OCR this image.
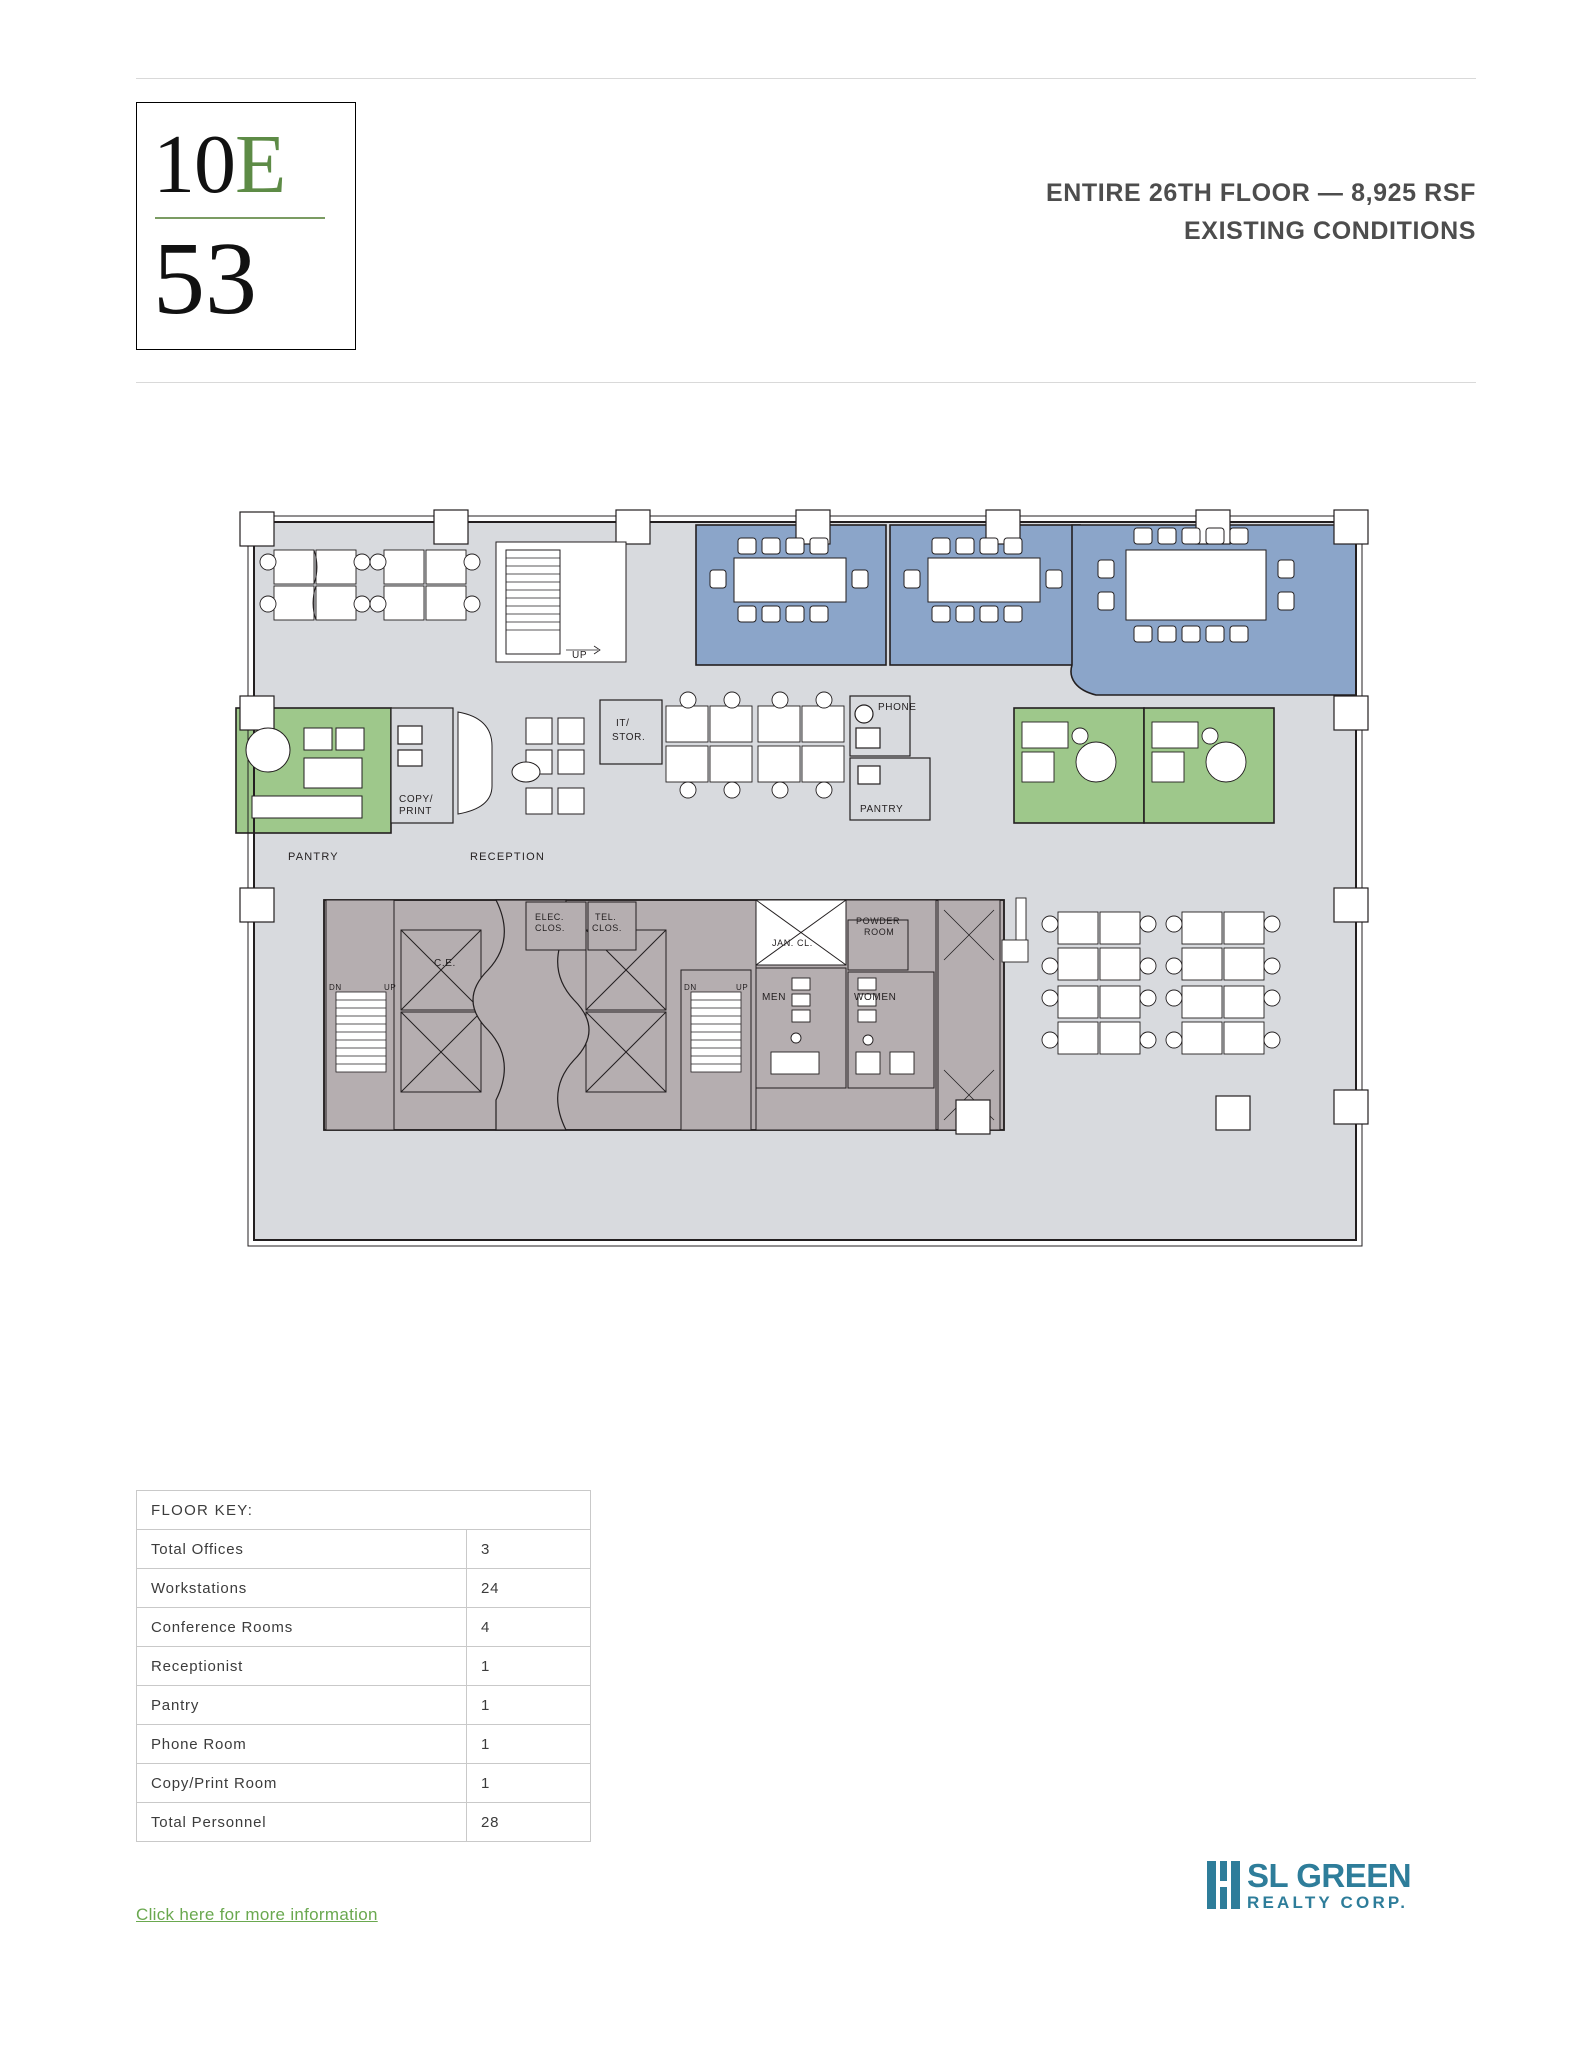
10E
53
ENTIRE 26TH FLOOR — 8,925 RSF
EXISTING CONDITIONS
UP
PANTRY
COPY/
PRINT
RECEPTION
IT/
STOR.
PHONE
PANTRY
ELEC.
CLOS.
TEL.
CLOS.
JAN. CL.
POWDER
ROOM
MEN	WOMEN
C.E.
DN	UP	DN	UP
FLOOR KEY:	
Total Offices	3
Workstations	24
Conference Rooms	4
Receptionist	1
Pantry	1
Phone Room	1
Copy/Print Room	1
Total Personnel	28
Click here for more information
SL GREEN
REALTY CORP.
